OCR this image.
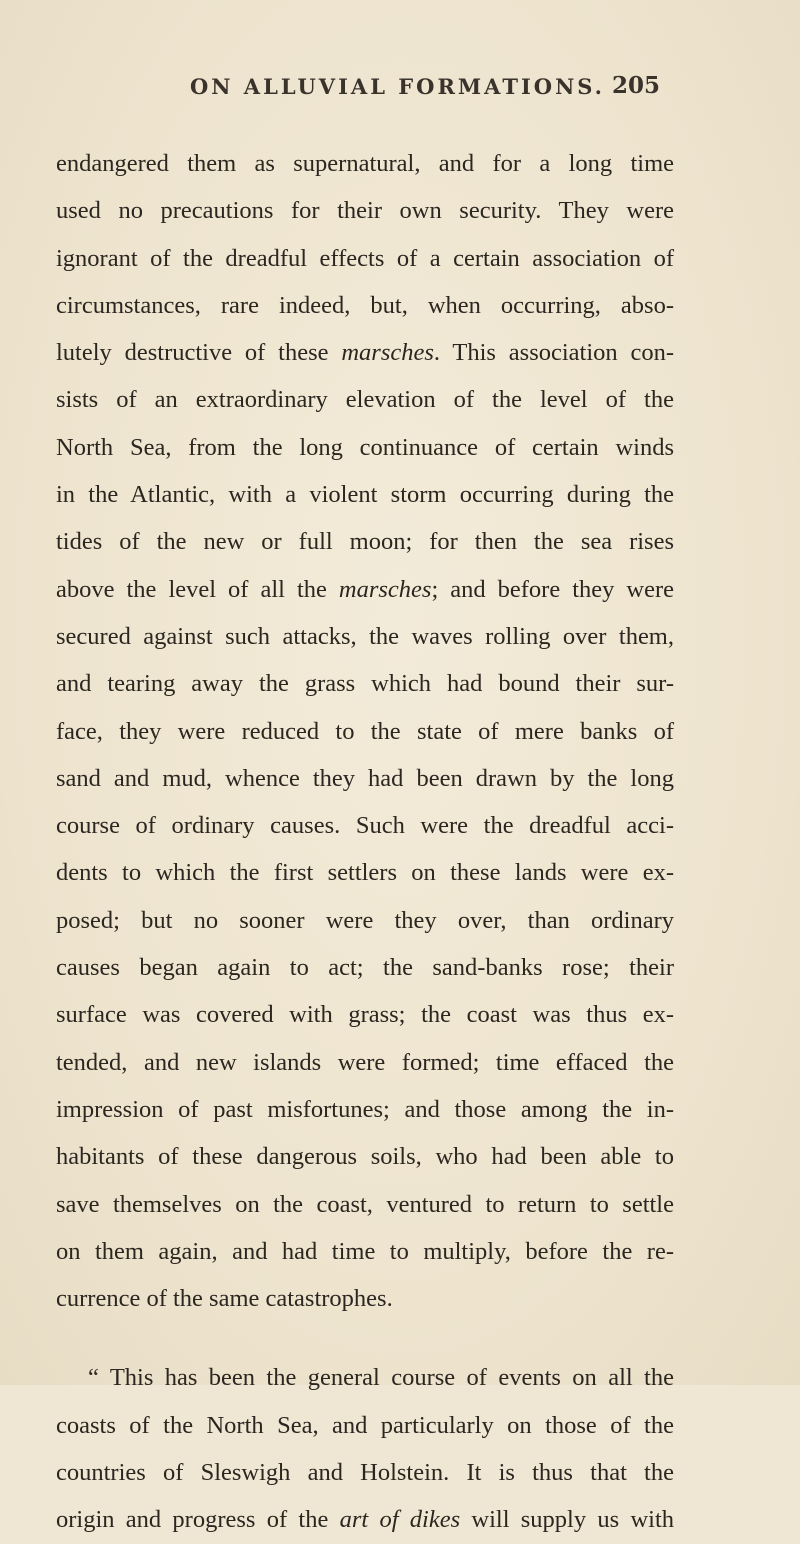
ON ALLUVIAL FORMATIONS. 205
endangered them as supernatural, and for a long time
used no precautions for their own security. They were
ignorant of the dreadful effects of a certain association of
circumstances, rare indeed, but, when occurring, abso-
lutely destructive of these marsches. This association con-
sists of an extraordinary elevation of the level of the
North Sea, from the long continuance of certain winds
in the Atlantic, with a violent storm occurring during the
tides of the new or full moon; for then the sea rises
above the level of all the marsches; and before they were
secured against such attacks, the waves rolling over them,
and tearing away the grass which had bound their sur-
face, they were reduced to the state of mere banks of
sand and mud, whence they had been drawn by the long
course of ordinary causes. Such were the dreadful acci-
dents to which the first settlers on these lands were ex-
posed; but no sooner were they over, than ordinary
causes began again to act; the sand-banks rose; their
surface was covered with grass; the coast was thus ex-
tended, and new islands were formed; time effaced the
impression of past misfortunes; and those among the in-
habitants of these dangerous soils, who had been able to
save themselves on the coast, ventured to return to settle
on them again, and had time to multiply, before the re-
currence of the same catastrophes.
“ This has been the general course of events on all the
coasts of the North Sea, and particularly on those of the
countries of Sleswigh and Holstein. It is thus that the
origin and progress of the art of dikes will supply us with
